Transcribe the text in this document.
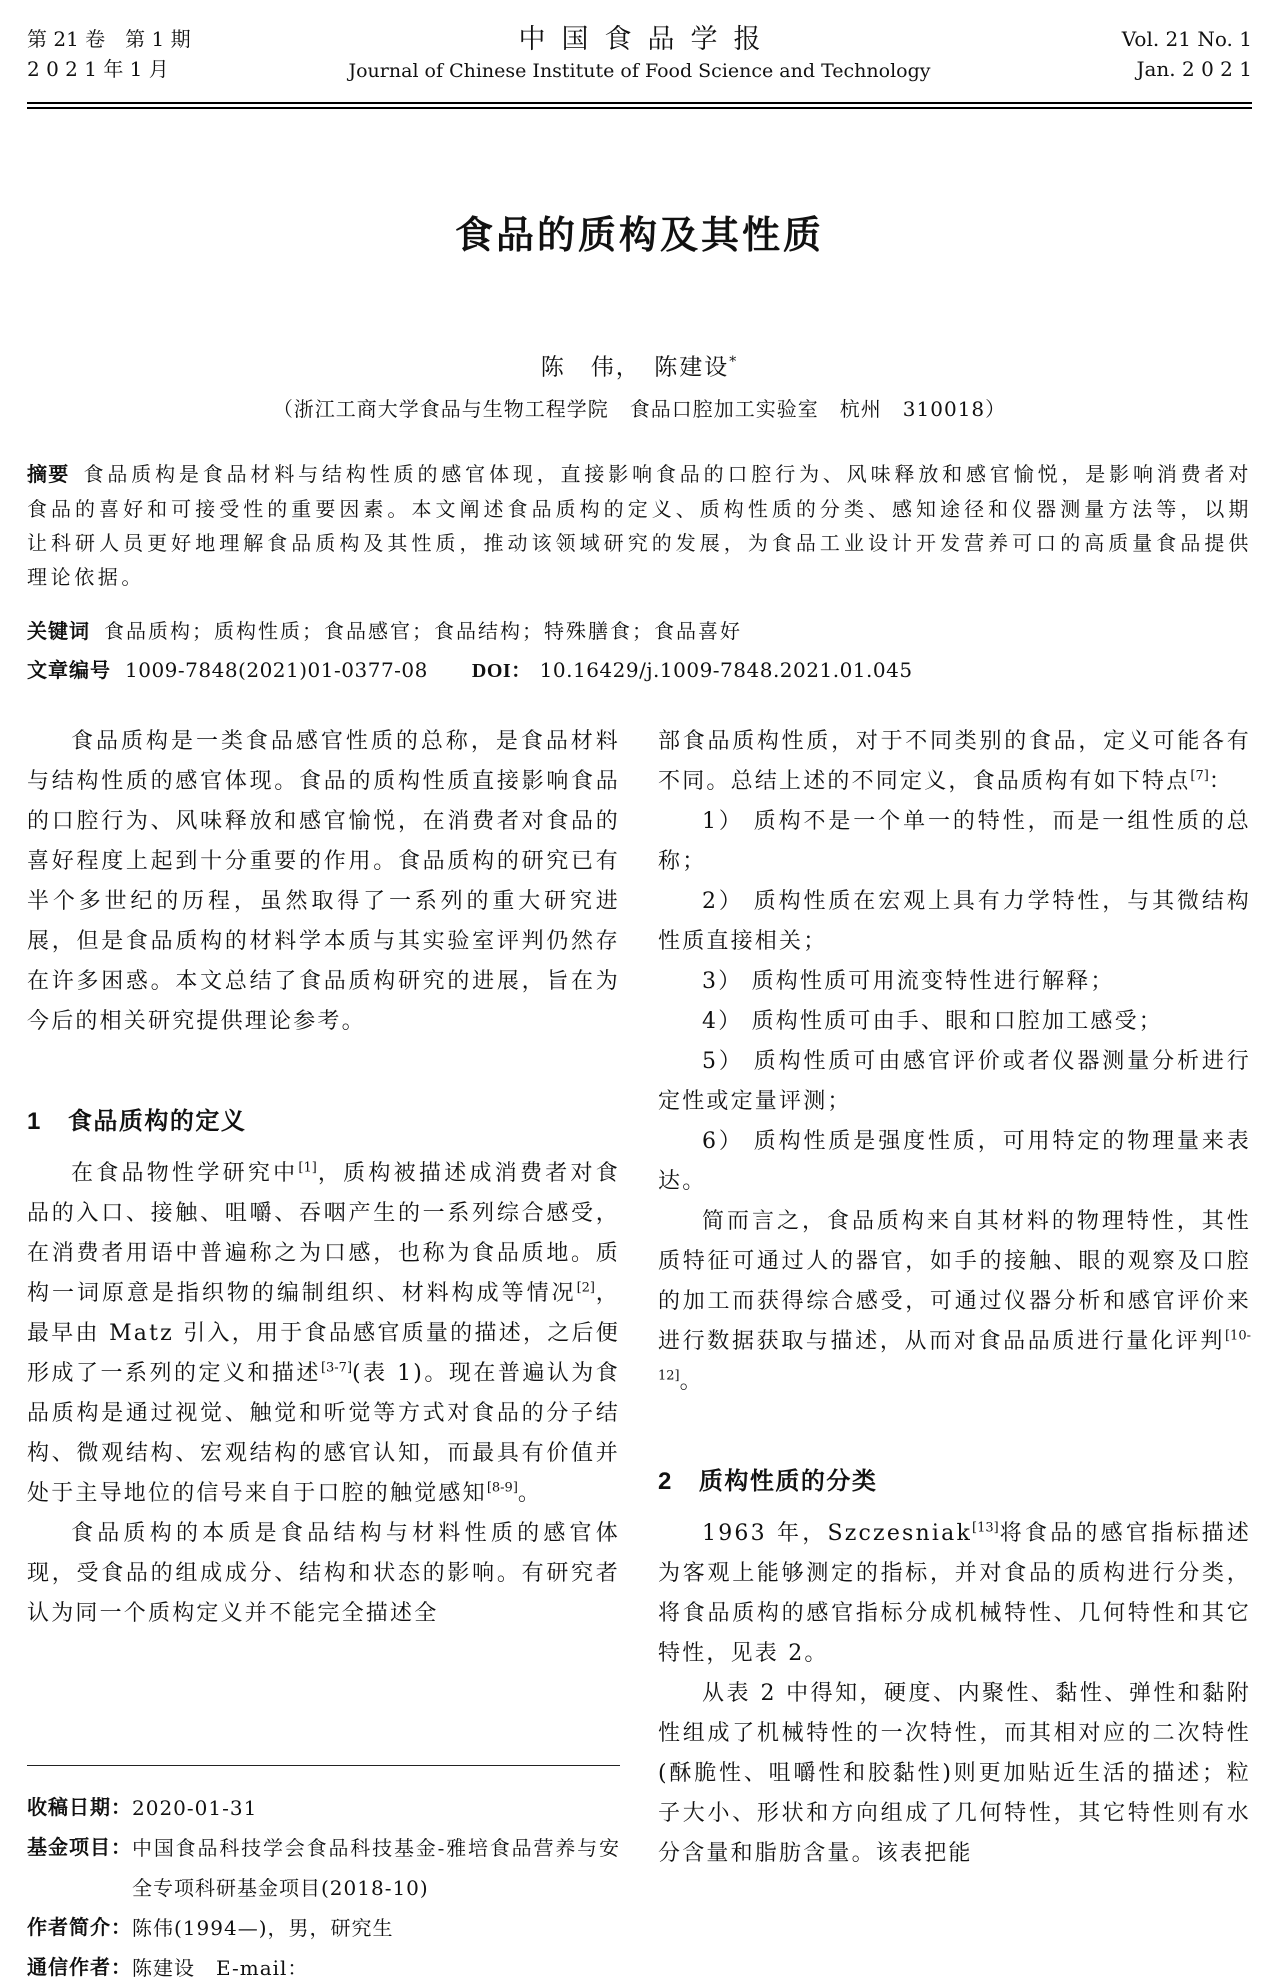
第 21 卷　第 1 期
2 0 2 1 年 1 月
中国食品学报
Journal of Chinese Institute of Food Science and Technology
Vol. 21 No. 1
Jan. 2 0 2 1
食品的质构及其性质
陈　伟，　陈建设*
（浙江工商大学食品与生物工程学院　食品口腔加工实验室　杭州　310018）
摘要 食品质构是食品材料与结构性质的感官体现，直接影响食品的口腔行为、风味释放和感官愉悦，是影响消费者对食品的喜好和可接受性的重要因素。本文阐述食品质构的定义、质构性质的分类、感知途径和仪器测量方法等，以期让科研人员更好地理解食品质构及其性质，推动该领域研究的发展，为食品工业设计开发营养可口的高质量食品提供理论依据。
关键词 食品质构；质构性质；食品感官；食品结构；特殊膳食；食品喜好
文章编号 1009-7848(2021)01-0377-08 DOI： 10.16429/j.1009-7848.2021.01.045

食品质构是一类食品感官性质的总称，是食品材料与结构性质的感官体现。食品的质构性质直接影响食品的口腔行为、风味释放和感官愉悦，在消费者对食品的喜好程度上起到十分重要的作用。食品质构的研究已有半个多世纪的历程，虽然取得了一系列的重大研究进展，但是食品质构的材料学本质与其实验室评判仍然存在许多困惑。本文总结了食品质构研究的进展，旨在为今后的相关研究提供理论参考。

1 食品质构的定义

在食品物性学研究中[1]，质构被描述成消费者对食品的入口、接触、咀嚼、吞咽产生的一系列综合感受，在消费者用语中普遍称之为口感，也称为食品质地。质构一词原意是指织物的编制组织、材料构成等情况[2]，最早由 Matz 引入，用于食品感官质量的描述，之后便形成了一系列的定义和描述[3-7](表 1)。现在普遍认为食品质构是通过视觉、触觉和听觉等方式对食品的分子结构、微观结构、宏观结构的感官认知，而最具有价值并处于主导地位的信号来自于口腔的触觉感知[8-9]。

食品质构的本质是食品结构与材料性质的感官体现，受食品的组成成分、结构和状态的影响。有研究者认为同一个质构定义并不能完全描述全

收稿日期： 2020-01-31
基金项目： 中国食品科技学会食品科技基金-雅培食品营养与安全专项科研基金项目(2018-10)
作者简介： 陈伟(1994—)，男，研究生
通信作者： 陈建设　E-mail：

部食品质构性质，对于不同类别的食品，定义可能各有不同。总结上述的不同定义，食品质构有如下特点[7]：

1） 质构不是一个单一的特性，而是一组性质的总称；

2） 质构性质在宏观上具有力学特性，与其微结构性质直接相关；

3） 质构性质可用流变特性进行解释；

4） 质构性质可由手、眼和口腔加工感受；

5） 质构性质可由感官评价或者仪器测量分析进行定性或定量评测；

6） 质构性质是强度性质，可用特定的物理量来表达。

简而言之，食品质构来自其材料的物理特性，其性质特征可通过人的器官，如手的接触、眼的观察及口腔的加工而获得综合感受，可通过仪器分析和感官评价来进行数据获取与描述，从而对食品品质进行量化评判[10-12]。

2 质构性质的分类

1963 年，Szczesniak[13]将食品的感官指标描述为客观上能够测定的指标，并对食品的质构进行分类，将食品质构的感官指标分成机械特性、几何特性和其它特性，见表 2。

从表 2 中得知，硬度、内聚性、黏性、弹性和黏附性组成了机械特性的一次特性，而其相对应的二次特性(酥脆性、咀嚼性和胶黏性)则更加贴近生活的描述；粒子大小、形状和方向组成了几何特性，其它特性则有水分含量和脂肪含量。该表把能
